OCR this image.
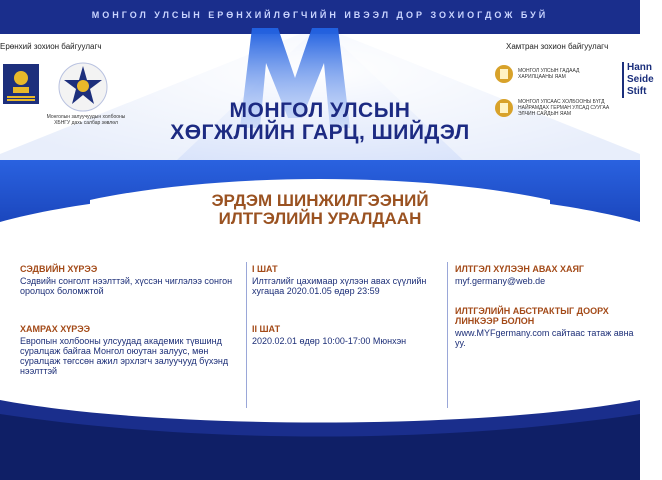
МОНГОЛ УЛСЫН ЕРӨНХИЙЛӨГЧИЙН ИВЭЭЛ ДОР ЗОХИОГДОЖ БУЙ
Ерөнхий зохион байгуулагч	Хамтран зохион байгуулагч
Монголын залуучуудын холбооны ХБНГУ дахь салбар зөвлөл
МОНГОЛ УЛСЫН ГАДААД ХАРИЛЦААНЫ ЯАМ
МОНГОЛ УЛСААС ХОЛБООНЫ БҮГД НАЙРАМДАХ ГЕРМАН УЛСАД СУУГАА ЭЛЧИН САЙДЫН ЯАМ
Hann Seide Stift
МОНГОЛ УЛСЫН
ХӨГЖЛИЙН ГАРЦ, ШИЙДЭЛ
ЭРДЭМ ШИНЖИЛГЭЭНИЙ
ИЛТГЭЛИЙН УРАЛДААН
СЭДВИЙН ХҮРЭЭ
Сэдвийн сонголт нээлттэй, хүссэн чиглэлээ сонгон оролцох боломжтой
ХАМРАХ ХҮРЭЭ
Европын холбооны улсуудад академик түвшинд суралцаж байгаа Монгол оюутан залуус, мөн суралцаж төгссөн ажил эрхлэгч залуучууд бүхэнд нээлттэй
I ШАТ
Илтгэлийг цахимаар хүлээн авах сүүлийн хугацаа 2020.01.05 өдөр 23:59
II ШАТ
2020.02.01 өдөр 10:00-17:00 Мюнхэн
ИЛТГЭЛ ХҮЛЭЭН АВАХ ХАЯГ
myf.germany@web.de
ИЛТГЭЛИЙН АБСТРАКТЫГ ДООРХ ЛИНКЭЭР БОЛОН
www.MYFgermany.com сайтаас татаж авна уу.
